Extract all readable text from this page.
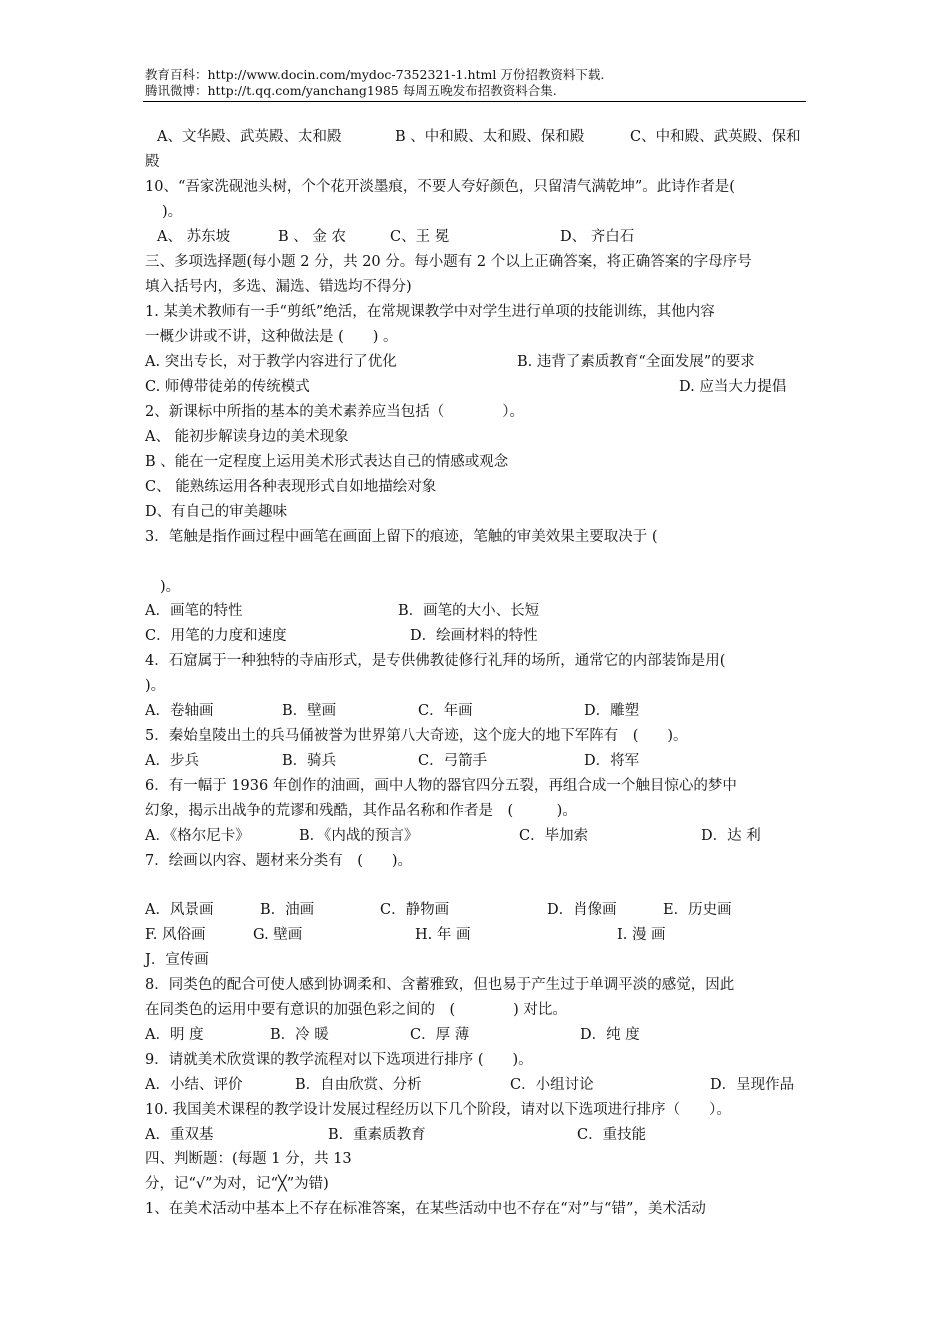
教育百科：http://www.docin.com/mydoc-7352321-1.html 万份招教资料下载.
腾讯微博：http://t.qq.com/yanchang1985 每周五晚发布招教资料合集.
A、文华殿、武英殿、太和殿	B 、中和殿、太和殿、保和殿	C、中和殿、武英殿、保和
殿
10、“吾家洗砚池头树，个个花开淡墨痕，不要人夸好颜色，只留清气满乾坤”。此诗作者是(
)。
A、 苏东坡	B 、 金 农	C、王 冕	D、 齐白石
三、多项选择题(每小题 2 分，共 20 分。每小题有 2 个以上正确答案，将正确答案的字母序号
填入括号内，多选、漏选、错选均不得分)
1. 某美术教师有一手“剪纸”绝活，在常规课教学中对学生进行单项的技能训练，其他内容
一概少讲或不讲，这种做法是 (　　) 。
A. 突出专长，对于教学内容进行了优化	B. 违背了素质教育“全面发展”的要求
C. 师傅带徒弟的传统模式	D. 应当大力提倡
2、新课标中所指的基本的美术素养应当包括（　　　　）。
A、 能初步解读身边的美术现象
B 、能在一定程度上运用美术形式表达自己的情感或观念
C、 能熟练运用各种表现形式自如地描绘对象
D、有自己的审美趣味
3．笔触是指作画过程中画笔在画面上留下的痕迹，笔触的审美效果主要取决于 (
)。
A．画笔的特性	B．画笔的大小、长短
C．用笔的力度和速度	D．绘画材料的特性
4．石窟属于一种独特的寺庙形式，是专供佛教徒修行礼拜的场所，通常它的内部装饰是用(
)。
A．卷轴画	B．壁画	C．年画	D．雕塑
5．秦始皇陵出土的兵马俑被誉为世界第八大奇迹，这个庞大的地下军阵有　(　　)。
A．步兵	B．骑兵	C．弓箭手	D．将军
6．有一幅于 1936 年创作的油画，画中人物的器官四分五裂，再组合成一个触目惊心的梦中
幻象，揭示出战争的荒谬和残酷，其作品名称和作者是　(　　　)。
A．《格尔尼卡》	B．《内战的预言》	C．毕加索	D．达 利
7．绘画以内容、题材来分类有　(　　)。
A．风景画	B．油画	C．静物画	D．肖像画	E．历史画
F. 风俗画	G. 壁画	H. 年 画	I. 漫 画
J．宣传画
8．同类色的配合可使人感到协调柔和、含蓄雅致，但也易于产生过于单调平淡的感觉，因此
在同类色的运用中要有意识的加强色彩之间的　(　　　　) 对比。
A．明 度	B．冷 暖	C．厚 薄	D．纯 度
9．请就美术欣赏课的教学流程对以下选项进行排序 (　　)。
A．小结、评价	B．自由欣赏、分析	C．小组讨论	D．呈现作品
10. 我国美术课程的教学设计发展过程经历以下几个阶段，请对以下选项进行排序（　　）。
A．重双基	B．重素质教育	C．重技能
四、判断题：(每题 1 分，共 13
分，记“√”为对，记“╳”为错)
1、在美术活动中基本上不存在标准答案，在某些活动中也不存在“对”与“错”，美术活动
